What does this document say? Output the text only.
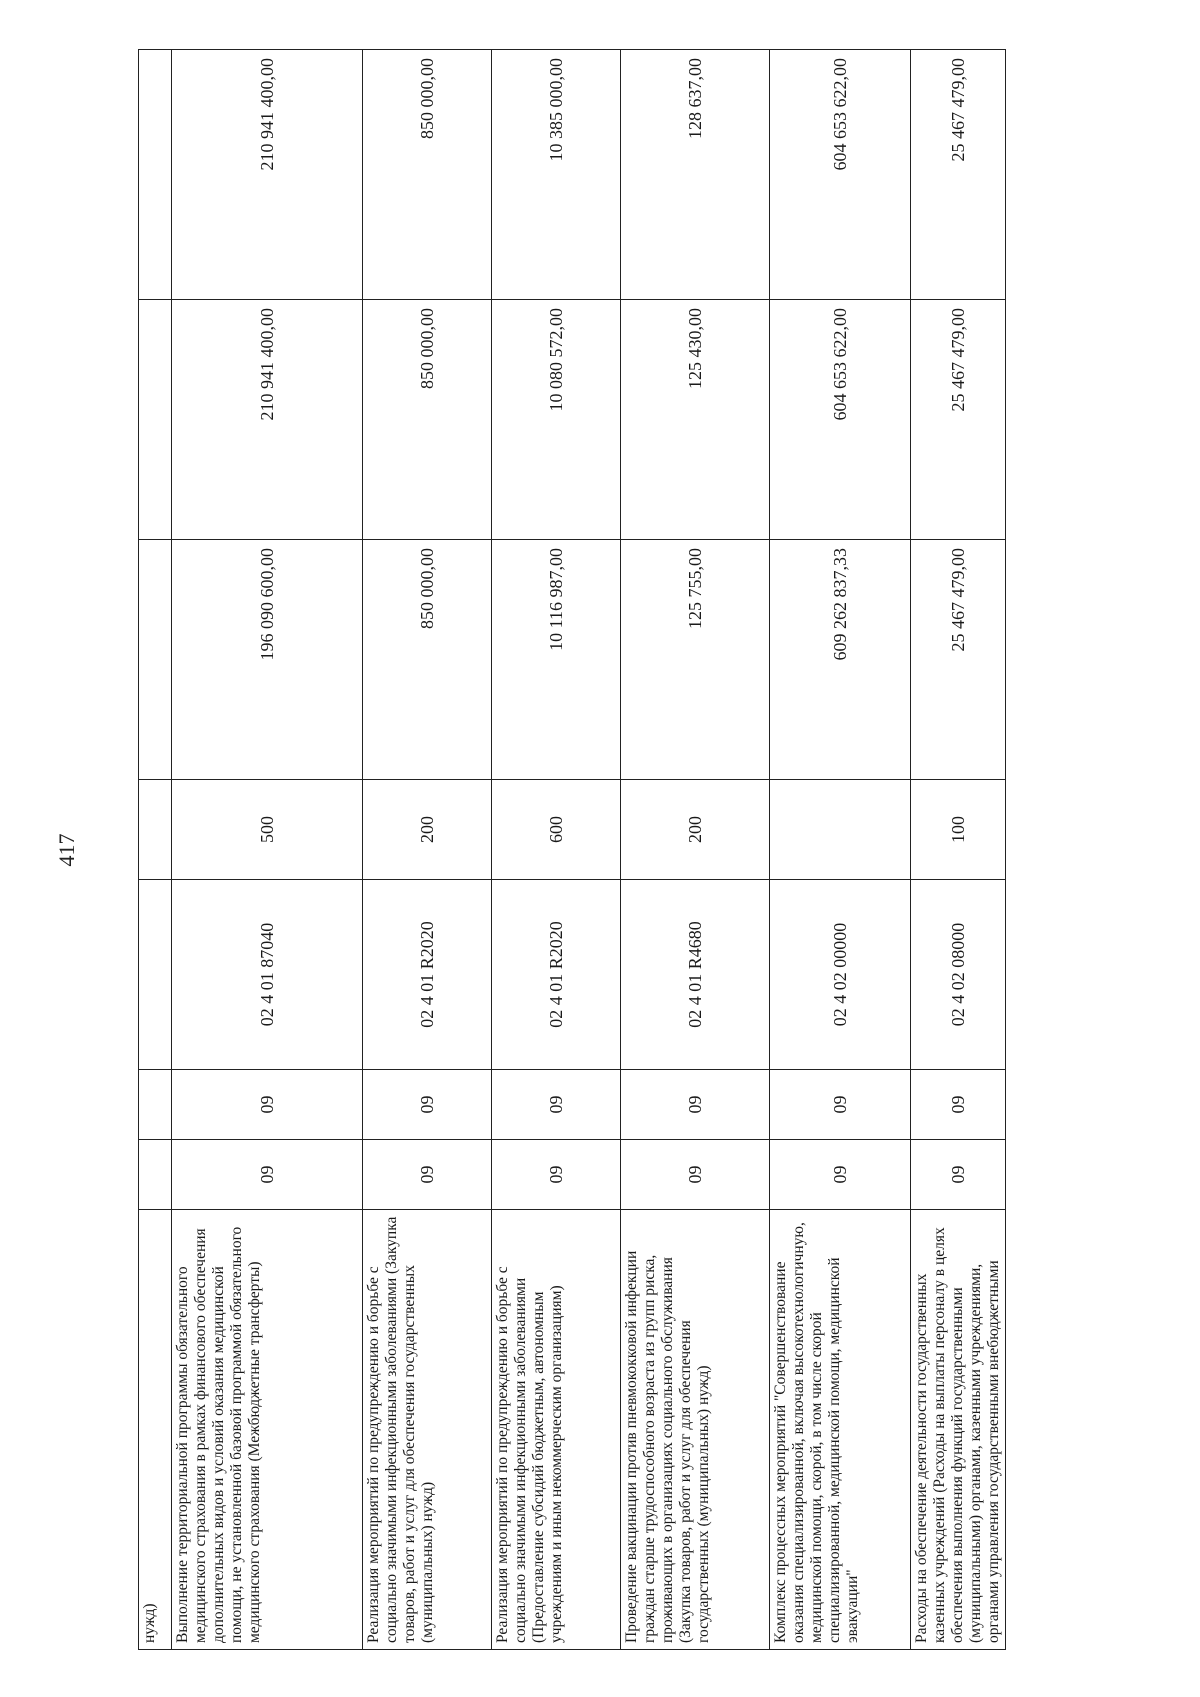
417
нужд)							
Выполнение территориальной программы обязательного медицинского страхования в рамках финансового обеспечения дополнительных видов и условий оказания медицинской помощи, не установленной базовой программой обязательного медицинского страхования (Межбюджетные трансферты)	09	09	02 4 01 87040	500	196 090 600,00	210 941 400,00	210 941 400,00
Реализация мероприятий по предупреждению и борьбе с социально значимыми инфекционными заболеваниями (Закупка товаров, работ и услуг для обеспечения государственных (муниципальных) нужд)	09	09	02 4 01 R2020	200	850 000,00	850 000,00	850 000,00
Реализация мероприятий по предупреждению и борьбе с социально значимыми инфекционными заболеваниями (Предоставление субсидий бюджетным, автономным учреждениям и иным некоммерческим организациям)	09	09	02 4 01 R2020	600	10 116 987,00	10 080 572,00	10 385 000,00
Проведение вакцинации против пневмококковой инфекции граждан старше трудоспособного возраста из групп риска, проживающих в организациях социального обслуживания (Закупка товаров, работ и услуг для обеспечения государственных (муниципальных) нужд)	09	09	02 4 01 R4680	200	125 755,00	125 430,00	128 637,00
Комплекс процессных мероприятий "Совершенствование оказания специализированной, включая высокотехнологичную, медицинской помощи, скорой, в том числе скорой специализированной, медицинской помощи, медицинской эвакуации"	09	09	02 4 02 00000		609 262 837,33	604 653 622,00	604 653 622,00
Расходы на обеспечение деятельности государственных казенных учреждений (Расходы на выплаты персоналу в целях обеспечения выполнения функций государственными (муниципальными) органами, казенными учреждениями, органами управления государственными внебюджетными	09	09	02 4 02 08000	100	25 467 479,00	25 467 479,00	25 467 479,00
